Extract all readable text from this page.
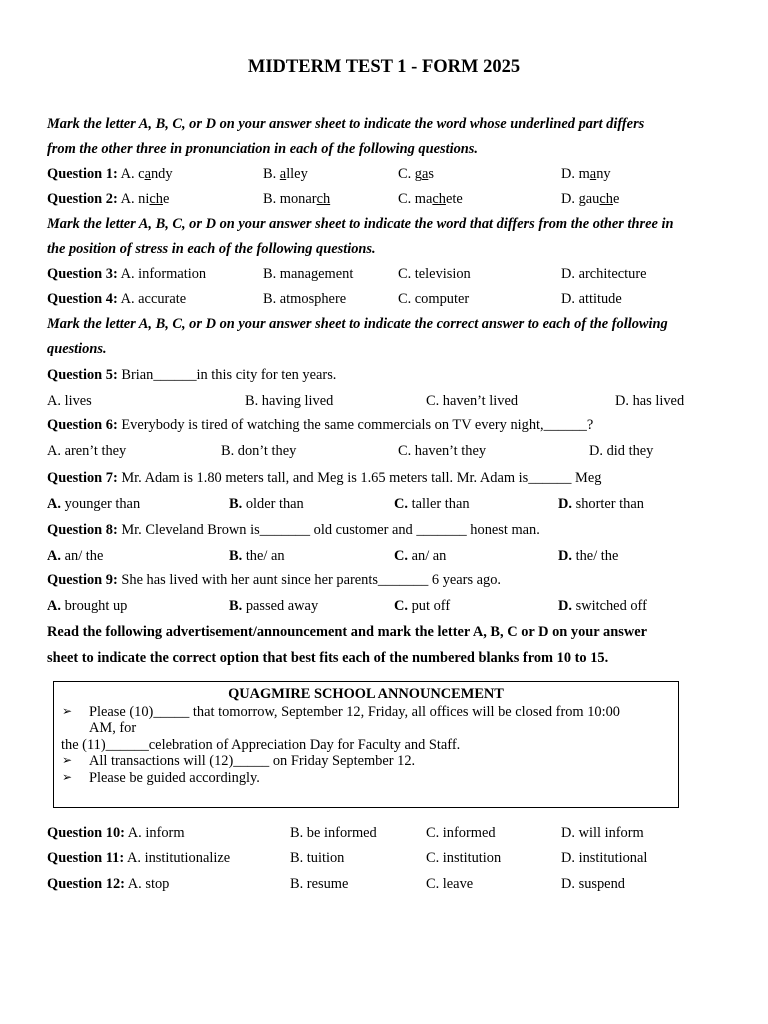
MIDTERM TEST 1 - FORM 2025
Mark the letter A, B, C, or D on your answer sheet to indicate the word whose underlined part differs
from the other three in pronunciation in each of the following questions.
Question 1: A. candy	B. alley	C. gas	D. many
Question 2: A. niche	B. monarch	C. machete	D. gauche
Mark the letter A, B, C, or D on your answer sheet to indicate the word that differs from the other three in
the position of stress in each of the following questions.
Question 3: A. information	B. management	C. television	D. architecture
Question 4: A. accurate	B. atmosphere	C. computer	D. attitude
Mark the letter A, B, C, or D on your answer sheet to indicate the correct answer to each of the following
questions.
Question 5: Brian______in this city for ten years.
A. lives	B. having lived	C. haven’t lived	D. has lived
Question 6: Everybody is tired of watching the same commercials on TV every night,______?
A. aren’t they	B. don’t they	C. haven’t they	D. did they
Question 7: Mr. Adam is 1.80 meters tall, and Meg is 1.65 meters tall. Mr. Adam is______ Meg
A. younger than	B. older than	C. taller than	D. shorter than
Question 8: Mr. Cleveland Brown is_______ old customer and _______ honest man.
A. an/ the	B. the/ an	C. an/ an	D. the/ the
Question 9: She has lived with her aunt since her parents_______ 6 years ago.
A. brought up	B. passed away	C. put off	D. switched off
Read the following advertisement/announcement and mark the letter A, B, C or D on your answer
sheet to indicate the correct option that best fits each of the numbered blanks from 10 to 15.
QUAGMIRE SCHOOL ANNOUNCEMENT
➢ Please (10)_____ that tomorrow, September 12, Friday, all offices will be closed from 10:00
AM, for
the (11)______celebration of Appreciation Day for Faculty and Staff.
➢ All transactions will (12)_____ on Friday September 12.
➢ Please be guided accordingly.
Question 10: A. inform	B. be informed	C. informed	D. will inform
Question 11: A. institutionalize	B. tuition	C. institution	D. institutional
Question 12: A. stop	B. resume	C. leave	D. suspend
